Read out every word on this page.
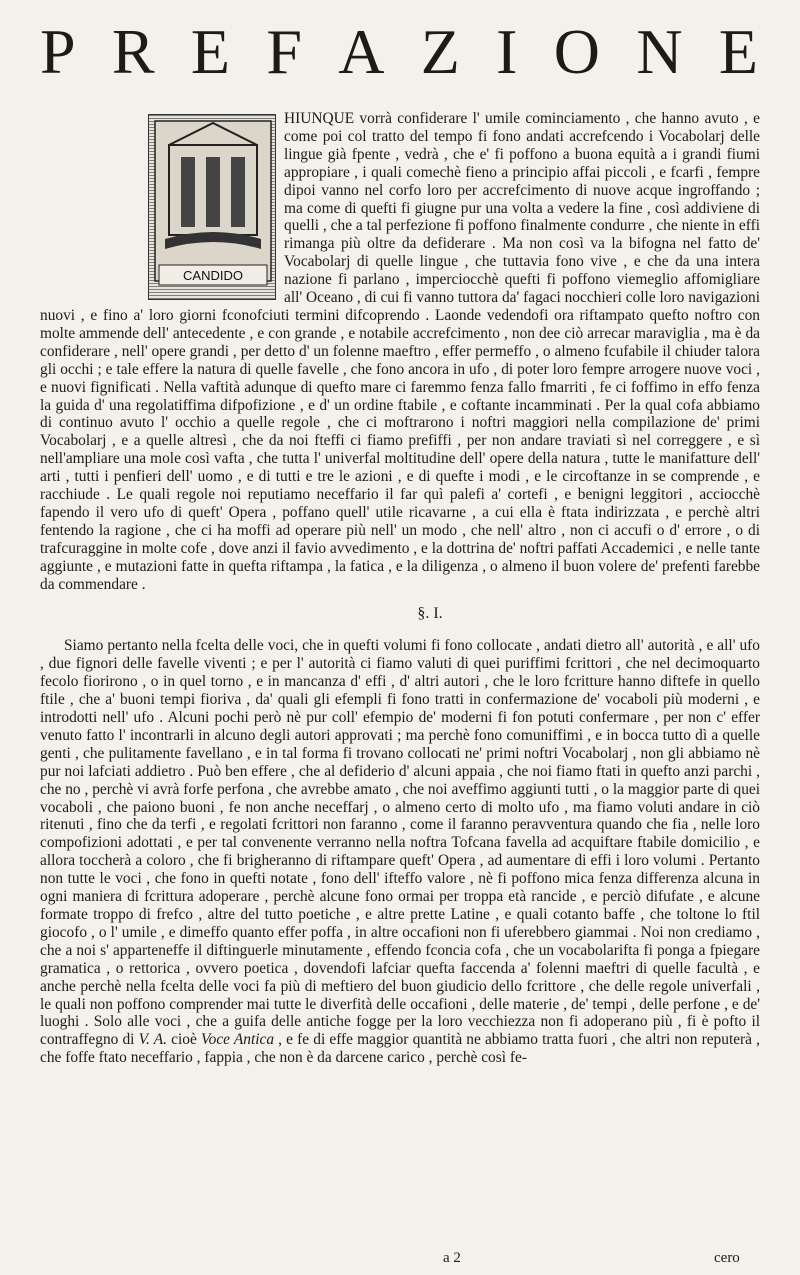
P R E F A Z I O N E
CANDIDO

HIUNQUE vorrà confiderare l' umile cominciamento , che hanno avuto , e come poi col tratto del tempo fi fono andati accrefcendo i Vocabolarj delle lingue già fpente , vedrà , che e' fi poffono a buona equità a i grandi fiumi appropiare , i quali comechè fieno a principio affai piccoli , e fcarfi , fempre dipoi vanno nel corfo loro per accrefcimento di nuove acque ingroffando ; ma come di quefti fi giugne pur una volta a vedere la fine , così addiviene di quelli , che a tal perfezione fi poffono finalmente condurre , che niente in effi rimanga più oltre da defiderare . Ma non così va la bifogna nel fatto de' Vocabolarj di quelle lingue , che tuttavia fono vive , e che da una intera nazione fi parlano , imperciocchè quefti fi poffono viemeglio affomigliare all' Oceano , di cui fi vanno tuttora da' fagaci nocchieri colle loro navigazioni nuovi , e fino a' loro giorni fconofciuti termini difcoprendo . Laonde vedendofi ora riftampato quefto noftro con molte ammende dell' antecedente , e con grande , e notabile accrefcimento , non dee ciò arrecar maraviglia , ma è da confiderare , nell' opere grandi , per detto d' un folenne maeftro , effer permeffo , o almeno fcufabile il chiuder talora gli occhi ; e tale effere la natura di quelle favelle , che fono ancora in ufo , di poter loro fempre arrogere nuove voci , e nuovi fignificati . Nella vaftità adunque di quefto mare ci faremmo fenza fallo fmarriti , fe ci foffimo in effo fenza la guida d' una regolatiffima difpofizione , e d' un ordine ftabile , e coftante incamminati . Per la qual cofa abbiamo di continuo avuto l' occhio a quelle regole , che ci moftrarono i noftri maggiori nella compilazione de' primi Vocabolarj , e a quelle altresì , che da noi fteffi ci fiamo prefiffi , per non andare traviati sì nel correggere , e sì nell'ampliare una mole così vafta , che tutta l' univerfal moltitudine dell' opere della natura , tutte le manifatture dell' arti , tutti i penfieri dell' uomo , e di tutti e tre le azioni , e di quefte i modi , e le circoftanze in se comprende , e racchiude . Le quali regole noi reputiamo neceffario il far quì palefi a' cortefi , e benigni leggitori , acciocchè fapendo il vero ufo di queft' Opera , poffano quell' utile ricavarne , a cui ella è ftata indirizzata , e perchè altri fentendo la ragione , che ci ha moffi ad operare più nell' un modo , che nell' altro , non ci accufi o d' errore , o di trafcuraggine in molte cofe , dove anzi il favio avvedimento , e la dottrina de' noftri paffati Accademici , e nelle tante aggiunte , e mutazioni fatte in quefta riftampa , la fatica , e la diligenza , o almeno il buon volere de' prefenti farebbe da commendare .

§. I.

Siamo pertanto nella fcelta delle voci, che in quefti volumi fi fono collocate , andati dietro all' autorità , e all' ufo , due fignori delle favelle viventi ; e per l' autorità ci fiamo valuti di quei puriffimi fcrittori , che nel decimoquarto fecolo fiorirono , o in quel torno , e in mancanza d' effi , d' altri autori , che le loro fcritture hanno diftefe in quello ftile , che a' buoni tempi fioriva , da' quali gli efempli fi fono tratti in confermazione de' vocaboli più moderni , e introdotti nell' ufo . Alcuni pochi però nè pur coll' efempio de' moderni fi fon potuti confermare , per non c' effer venuto fatto l' incontrarli in alcuno degli autori approvati ; ma perchè fono comuniffimi , e in bocca tutto dì a quelle genti , che pulitamente favellano , e in tal forma fi trovano collocati ne' primi noftri Vocabolarj , non gli abbiamo nè pur noi lafciati addietro . Può ben effere , che al defiderio d' alcuni appaia , che noi fiamo ftati in quefto anzi parchi , che no , perchè vi avrà forfe perfona , che avrebbe amato , che noi aveffimo aggiunti tutti , o la maggior parte di quei vocaboli , che paiono buoni , fe non anche neceffarj , o almeno certo di molto ufo , ma fiamo voluti andare in ciò ritenuti , fino che da terfi , e regolati fcrittori non faranno , come il faranno peravventura quando che fia , nelle loro compofizioni adottati , e per tal convenente verranno nella noftra Tofcana favella ad acquiftare ftabile domicilio , e allora toccherà a coloro , che fi brigheranno di riftampare queft' Opera , ad aumentare di effi i loro volumi . Pertanto non tutte le voci , che fono in quefti notate , fono dell' ifteffo valore , nè fi poffono mica fenza differenza alcuna in ogni maniera di fcrittura adoperare , perchè alcune fono ormai per troppa età rancide , e perciò difufate , e alcune formate troppo di frefco , altre del tutto poetiche , e altre prette Latine , e quali cotanto baffe , che toltone lo ftil giocofo , o l' umile , e dimeffo quanto effer poffa , in altre occafioni non fi uferebbero giammai . Noi non crediamo , che a noi s' apparteneffe il diftinguerle minutamente , effendo fconcia cofa , che un vocabolarifta fi ponga a fpiegare gramatica , o rettorica , ovvero poetica , dovendofi lafciar quefta faccenda a' folenni maeftri di quelle facultà , e anche perchè nella fcelta delle voci fa più di meftiero del buon giudicio dello fcrittore , che delle regole univerfali , le quali non poffono comprender mai tutte le diverfità delle occafioni , delle materie , de' tempi , delle perfone , e de' luoghi . Solo alle voci , che a guifa delle antiche fogge per la loro vecchiezza non fi adoperano più , fi è pofto il contraffegno di V. A. cioè Voce Antica , e fe di effe maggior quantità ne abbiamo tratta fuori , che altri non reputerà , che foffe ftato neceffario , fappia , che non è da darcene carico , perchè così fe-

a 2	cero
